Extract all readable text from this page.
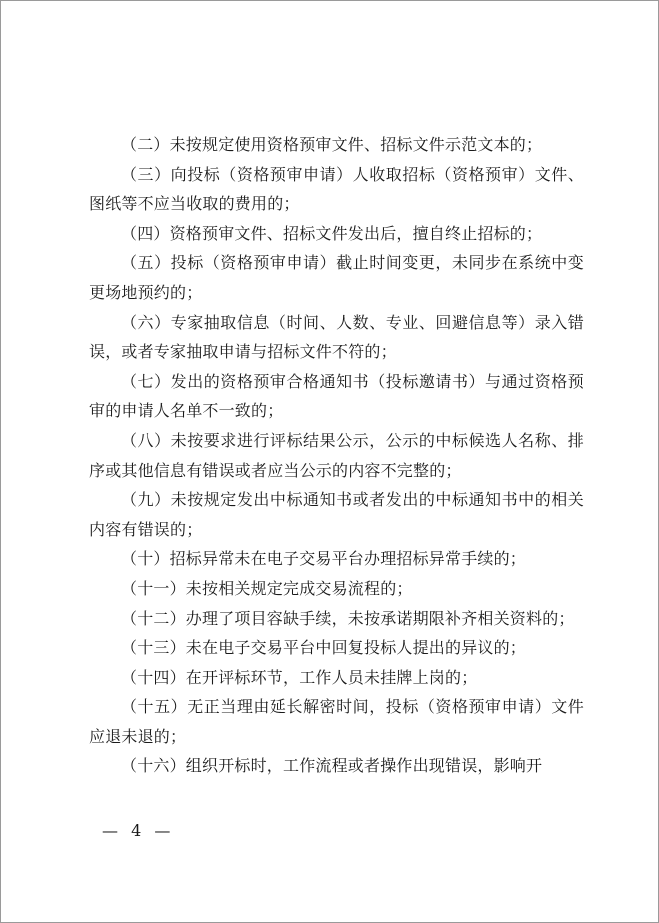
（二）未按规定使用资格预审文件、招标文件示范文本的；

（三）向投标（资格预审申请）人收取招标（资格预审）文件、图纸等不应当收取的费用的；

（四）资格预审文件、招标文件发出后，擅自终止招标的；

（五）投标（资格预审申请）截止时间变更，未同步在系统中变更场地预约的；

（六）专家抽取信息（时间、人数、专业、回避信息等）录入错误，或者专家抽取申请与招标文件不符的；

（七）发出的资格预审合格通知书（投标邀请书）与通过资格预审的申请人名单不一致的；

（八）未按要求进行评标结果公示，公示的中标候选人名称、排序或其他信息有错误或者应当公示的内容不完整的；

（九）未按规定发出中标通知书或者发出的中标通知书中的相关内容有错误的；

（十）招标异常未在电子交易平台办理招标异常手续的；

（十一）未按相关规定完成交易流程的；

（十二）办理了项目容缺手续，未按承诺期限补齐相关资料的；

（十三）未在电子交易平台中回复投标人提出的异议的；

（十四）在开评标环节，工作人员未挂牌上岗的；

（十五）无正当理由延长解密时间，投标（资格预审申请）文件应退未退的；

（十六）组织开标时，工作流程或者操作出现错误，影响开

— 4 —
